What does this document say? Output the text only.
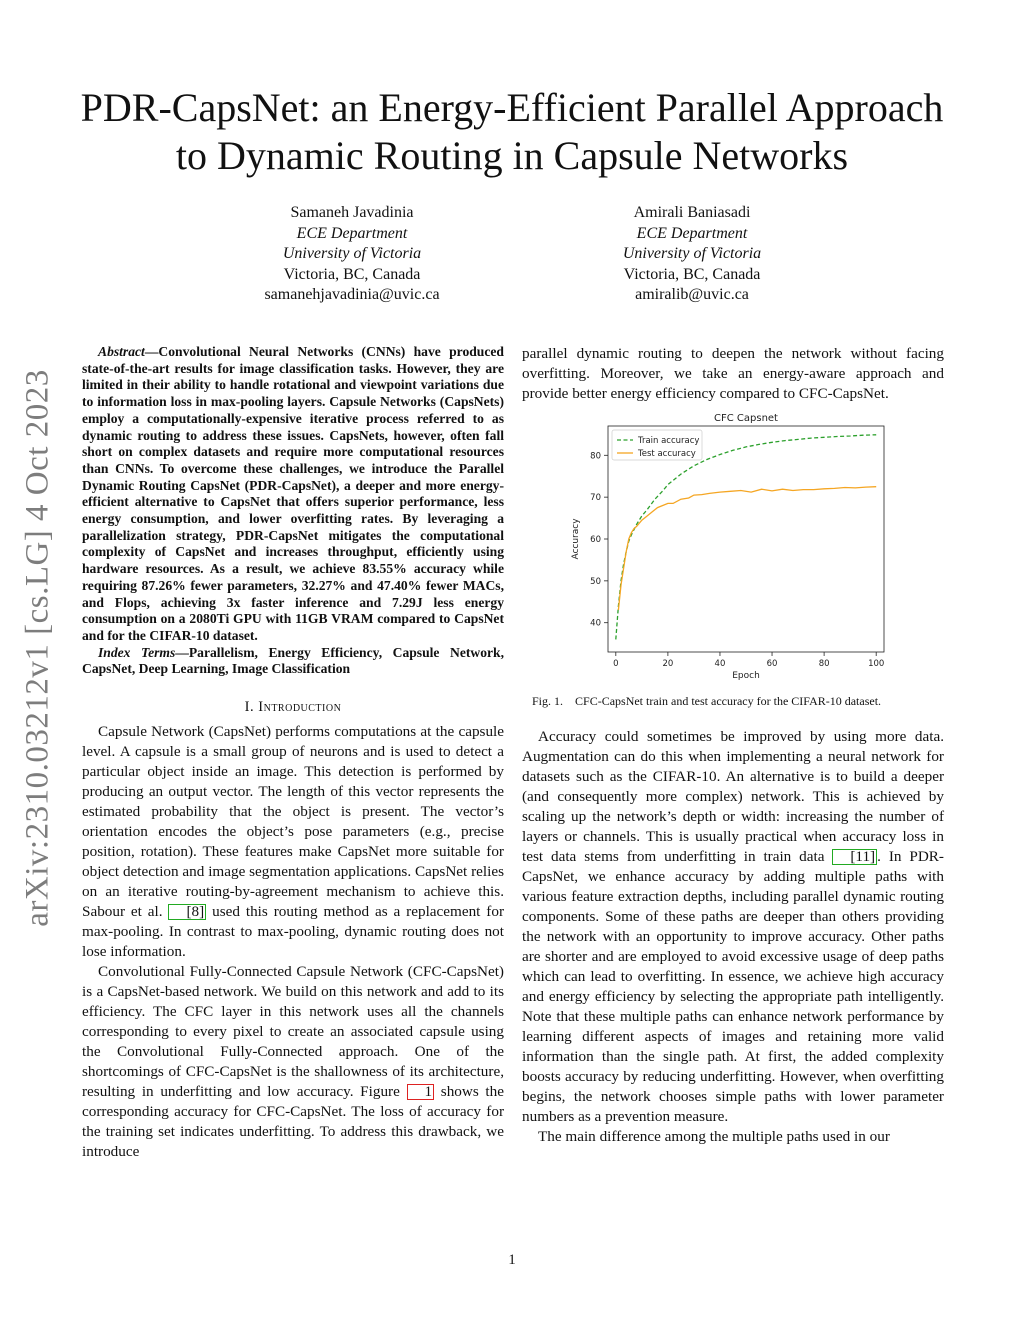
arXiv:2310.03212v1 [cs.LG] 4 Oct 2023
PDR-CapsNet: an Energy-Efficient Parallel Approach
to Dynamic Routing in Capsule Networks
Samaneh Javadinia
ECE Department
University of Victoria
Victoria, BC, Canada
samanehjavadinia@uvic.ca
Amirali Baniasadi
ECE Department
University of Victoria
Victoria, BC, Canada
amiralib@uvic.ca

Abstract—Convolutional Neural Networks (CNNs) have produced state-of-the-art results for image classification tasks. However, they are limited in their ability to handle rotational and viewpoint variations due to information loss in max-pooling layers. Capsule Networks (CapsNets) employ a computationally-expensive iterative process referred to as dynamic routing to address these issues. CapsNets, however, often fall short on complex datasets and require more computational resources than CNNs. To overcome these challenges, we introduce the Parallel Dynamic Routing CapsNet (PDR-CapsNet), a deeper and more energy-efficient alternative to CapsNet that offers superior performance, less energy consumption, and lower overfitting rates. By leveraging a parallelization strategy, PDR-CapsNet mitigates the computational complexity of CapsNet and increases throughput, efficiently using hardware resources. As a result, we achieve 83.55% accuracy while requiring 87.26% fewer parameters, 32.27% and 47.40% fewer MACs, and Flops, achieving 3x faster inference and 7.29J less energy consumption on a 2080Ti GPU with 11GB VRAM compared to CapsNet and for the CIFAR-10 dataset.

Index Terms—Parallelism, Energy Efficiency, Capsule Network, CapsNet, Deep Learning, Image Classification

I. Introduction

Capsule Network (CapsNet) performs computations at the capsule level. A capsule is a small group of neurons and is used to detect a particular object inside an image. This detection is performed by producing an output vector. The length of this vector represents the estimated probability that the object is present. The vector’s orientation encodes the object’s pose parameters (e.g., precise position, rotation). These features make CapsNet more suitable for object detection and image segmentation applications. CapsNet relies on an iterative routing-by-agreement mechanism to achieve this. Sabour et al. [8] used this routing method as a replacement for max-pooling. In contrast to max-pooling, dynamic routing does not lose information.

Convolutional Fully-Connected Capsule Network (CFC-CapsNet) is a CapsNet-based network. We build on this network and add to its efficiency. The CFC layer in this network uses all the channels corresponding to every pixel to create an associated capsule using the Convolutional Fully-Connected approach. One of the shortcomings of CFC-CapsNet is the shallowness of its architecture, resulting in underfitting and low accuracy. Figure 1 shows the corresponding accuracy for CFC-CapsNet. The loss of accuracy for the training set indicates underfitting. To address this drawback, we introduce

parallel dynamic routing to deepen the network without facing overfitting. Moreover, we take an energy-aware approach and provide better energy efficiency compared to CFC-CapsNet.

CFC Capsnet
0	20	40	60	80	100
40
50
60
70
80
Epoch
Accuracy
Train accuracy
Test accuracy
Fig. 1. CFC-CapsNet train and test accuracy for the CIFAR-10 dataset.

Accuracy could sometimes be improved by using more data. Augmentation can do this when implementing a neural network for datasets such as the CIFAR-10. An alternative is to build a deeper (and consequently more complex) network. This is achieved by scaling up the network’s depth or width: increasing the number of layers or channels. This is usually practical when accuracy loss in test data stems from underfitting in train data [11] . In PDR-CapsNet, we enhance accuracy by adding multiple paths with various feature extraction depths, including parallel dynamic routing components. Some of these paths are deeper than others providing the network with an opportunity to improve accuracy. Other paths are shorter and are employed to avoid excessive usage of deep paths which can lead to overfitting. In essence, we achieve high accuracy and energy efficiency by selecting the appropriate path intelligently. Note that these multiple paths can enhance network performance by learning different aspects of images and retaining more valid information than the single path. At first, the added complexity boosts accuracy by reducing underfitting. However, when overfitting begins, the network chooses simple paths with lower parameter numbers as a prevention measure.

The main difference among the multiple paths used in our

1
